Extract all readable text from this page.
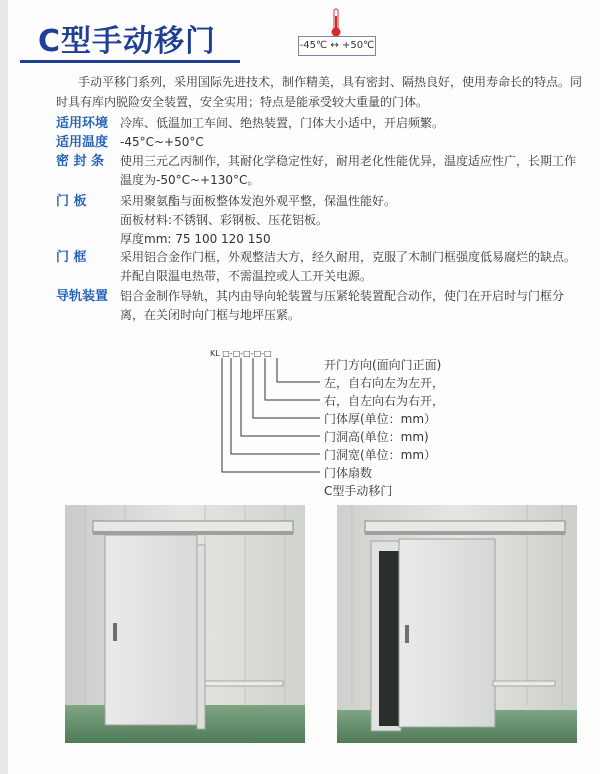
C型手动移门	-45℃ ↔ +50℃
手动平移门系列，采用国际先进技术，制作精美，具有密封、隔热良好，使用寿命长的特点。同时具有库内脱险安全装置，安全实用；特点是能承受较大重量的门体。
适用环境 冷库、低温加工车间、绝热装置，门体大小适中，开启频繁。
适用温度 -45°C~+50°C
密 封 条	使用三元乙丙制作，其耐化学稳定性好，耐用老化性能优异，温度适应性广，长期工作温度为-50°C~+130°C。
门 板	采用聚氨酯与面板整体发泡外观平整，保温性能好。
面板材料:不锈钢、彩钢板、压花铝板。
厚度mm: 75 100 120 150
门 框	采用铝合金作门框，外观整洁大方，经久耐用，克服了木制门框强度低易腐烂的缺点。并配自限温电热带，不需温控或人工开关电源。
导轨装置 铝合金制作导轨，其内由导向轮装置与压紧轮装置配合动作，使门在开启时与门框分离，在关闭时向门框与地坪压紧。
KL □-□-□-□-□
开门方向(面向门正面)
左，自右向左为左开，
右，自左向右为右开，
门体厚(单位：mm）
门洞高(单位：mm)
门洞宽(单位：mm）
门体扇数
C型手动移门
